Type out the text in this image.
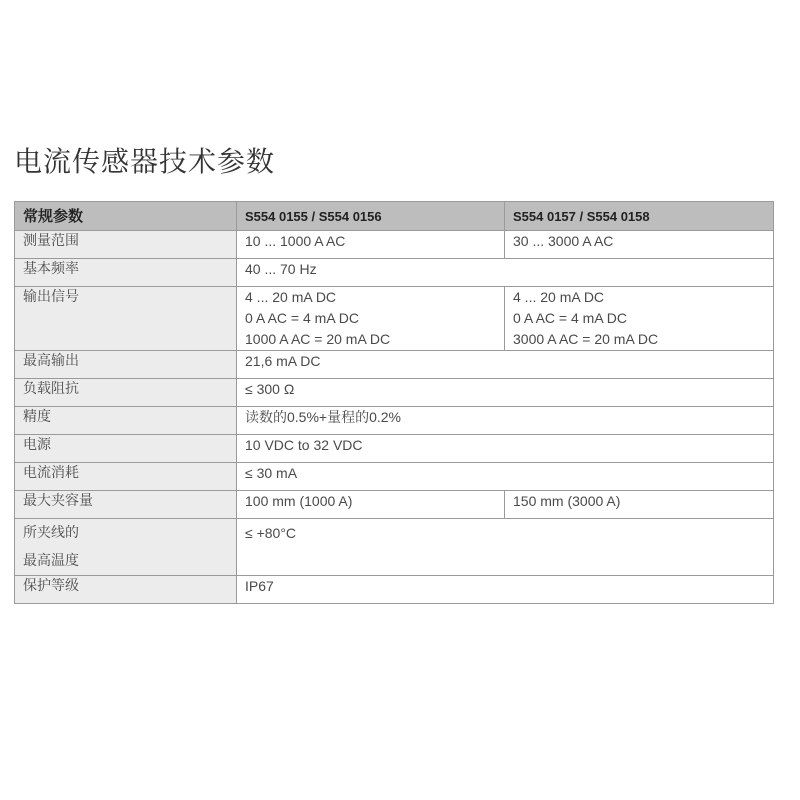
电流传感器技术参数
常规参数	S554 0155 / S554 0156	S554 0157 / S554 0158
测量范围	10 ... 1000 A AC	30 ... 3000 A AC
基本频率	40 ... 70 Hz	
输出信号	4 ... 20 mA DC
0 A AC = 4 mA DC
1000 A AC = 20 mA DC	4 ... 20 mA DC
0 A AC = 4 mA DC
3000 A AC = 20 mA DC

最高输出	21,6 mA DC	
负载阻抗	≤ 300 Ω	
精度	读数的0.5%+量程的0.2%	
电源	10 VDC to 32 VDC	
电流消耗	≤ 30 mA	
最大夹容量	100 mm (1000 A)	150 mm (3000 A)

所夹线的
最高温度	≤ +80°C	
保护等级	IP67	
